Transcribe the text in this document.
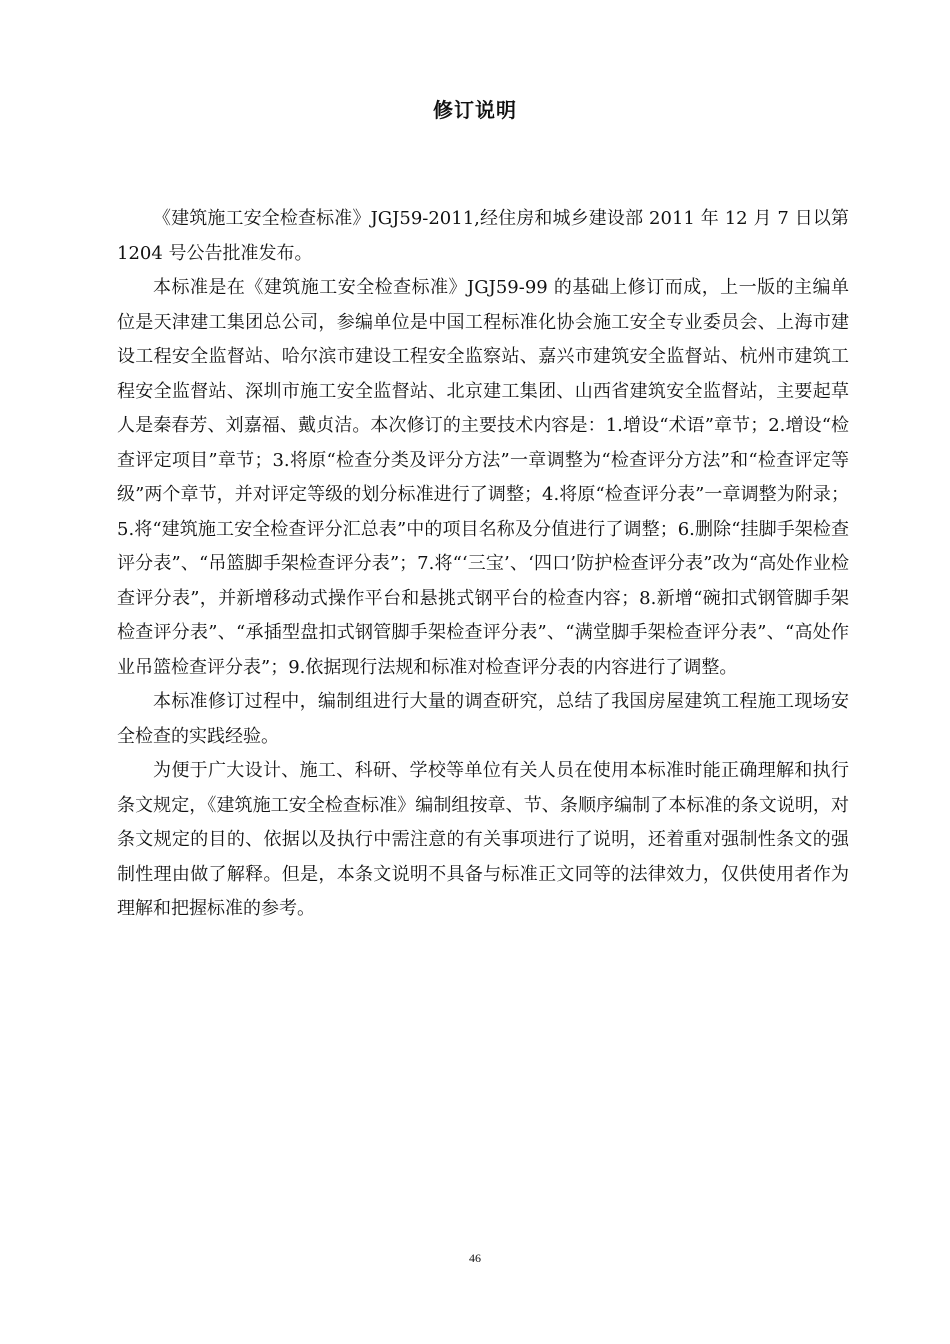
修订说明

《建筑施工安全检查标准》JGJ59-2011,经住房和城乡建设部 2011 年 12 月 7 日以第 1204 号公告批准发布。

本标准是在《建筑施工安全检查标准》JGJ59-99 的基础上修订而成，上一版的主编单位是天津建工集团总公司，参编单位是中国工程标准化协会施工安全专业委员会、上海市建设工程安全监督站、哈尔滨市建设工程安全监察站、嘉兴市建筑安全监督站、杭州市建筑工程安全监督站、深圳市施工安全监督站、北京建工集团、山西省建筑安全监督站，主要起草人是秦春芳、刘嘉福、戴贞洁。本次修订的主要技术内容是：1.增设“术语”章节；2.增设“检查评定项目”章节；3.将原“检查分类及评分方法”一章调整为“检查评分方法”和“检查评定等级”两个章节，并对评定等级的划分标准进行了调整；4.将原“检查评分表”一章调整为附录；5.将“建筑施工安全检查评分汇总表”中的项目名称及分值进行了调整；6.删除“挂脚手架检查评分表”、“吊篮脚手架检查评分表”；7.将“‘三宝’、‘四口’防护检查评分表”改为“高处作业检查评分表”，并新增移动式操作平台和悬挑式钢平台的检查内容；8.新增“碗扣式钢管脚手架检查评分表”、“承插型盘扣式钢管脚手架检查评分表”、“满堂脚手架检查评分表”、“高处作业吊篮检查评分表”；9.依据现行法规和标准对检查评分表的内容进行了调整。

本标准修订过程中，编制组进行大量的调查研究，总结了我国房屋建筑工程施工现场安全检查的实践经验。

为便于广大设计、施工、科研、学校等单位有关人员在使用本标准时能正确理解和执行条文规定，《建筑施工安全检查标准》编制组按章、节、条顺序编制了本标准的条文说明，对条文规定的目的、依据以及执行中需注意的有关事项进行了说明，还着重对强制性条文的强制性理由做了解释。但是，本条文说明不具备与标准正文同等的法律效力，仅供使用者作为理解和把握标准的参考。

46
